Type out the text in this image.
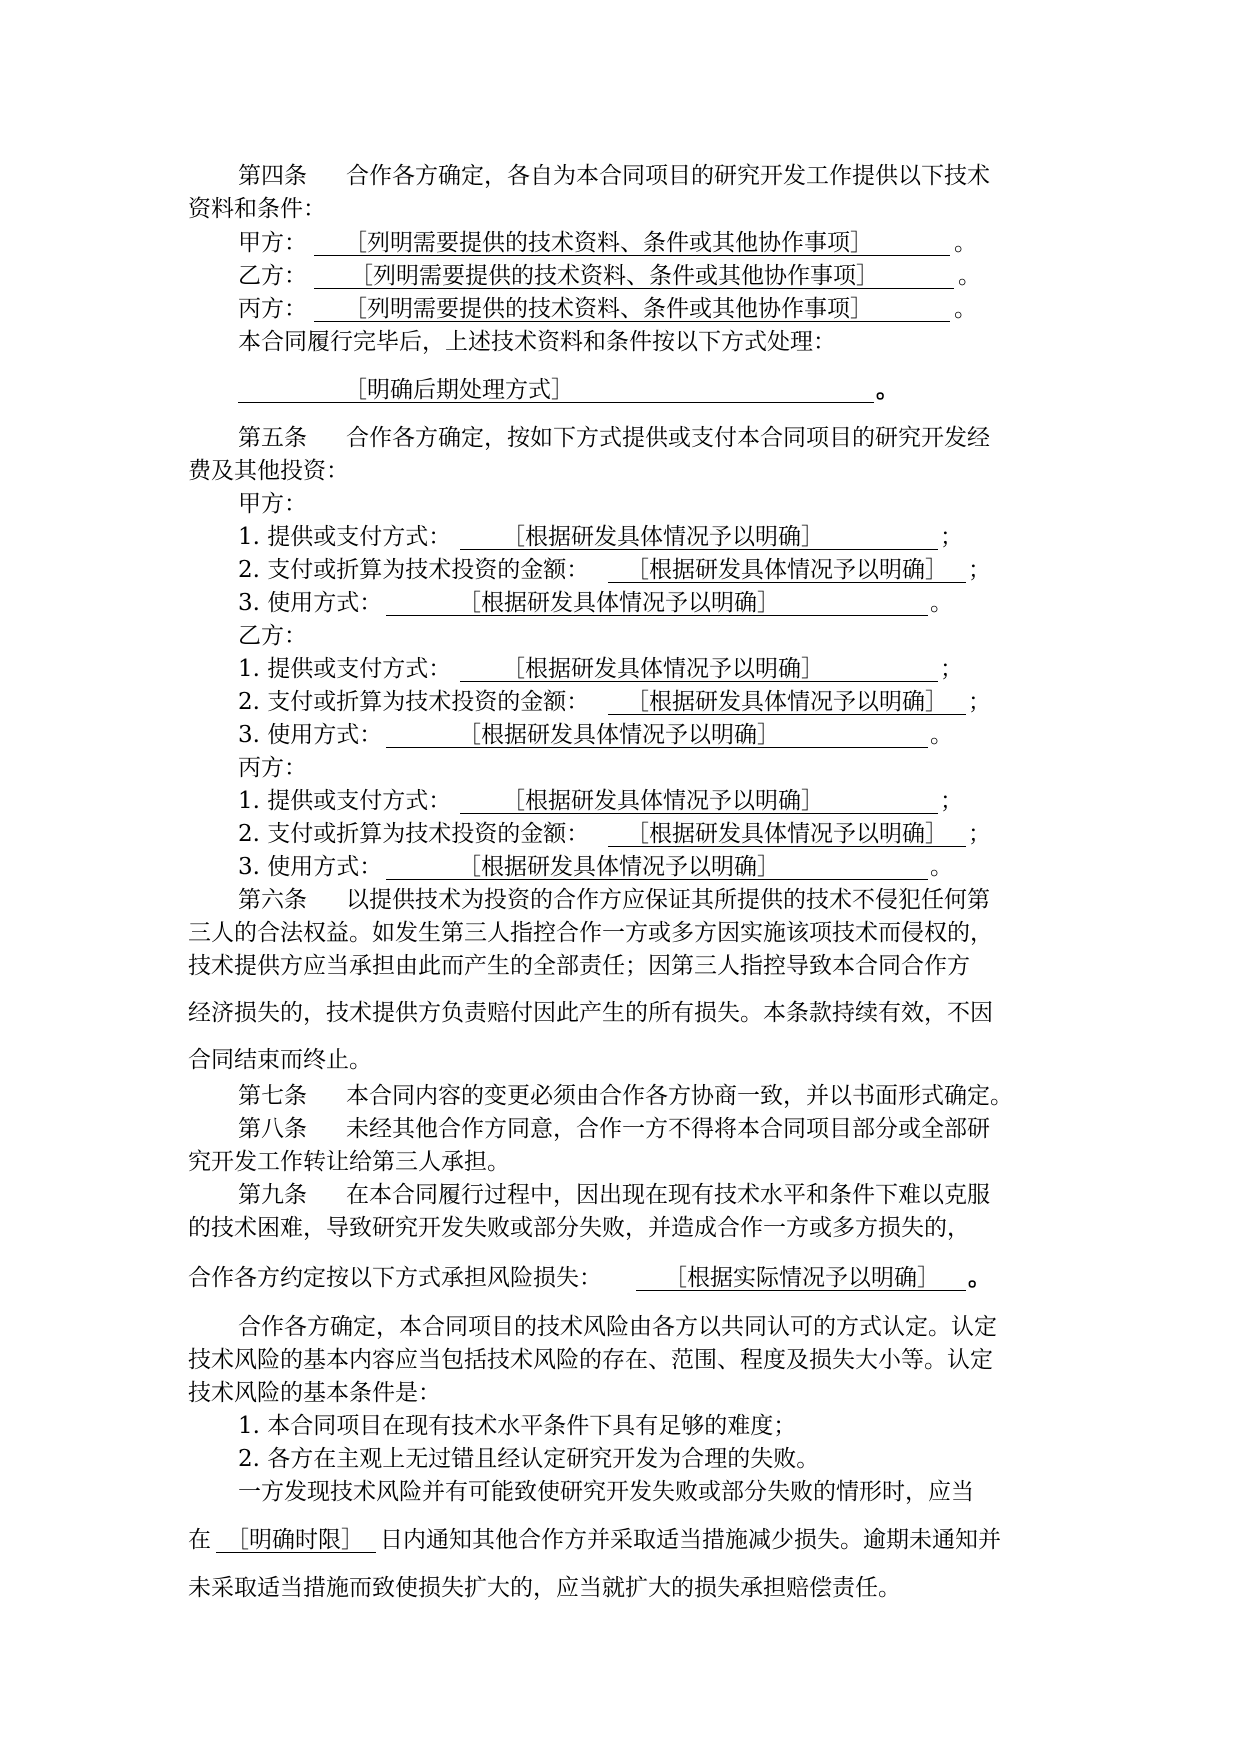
第四条 合作各方确定，各自为本合同项目的研究开发工作提供以下技术
资料和条件：
甲方：	［列明需要提供的技术资料、条件或其他协作事项］	。
乙方：	［列明需要提供的技术资料、条件或其他协作事项］	。
丙方：	［列明需要提供的技术资料、条件或其他协作事项］	。
本合同履行完毕后，上述技术资料和条件按以下方式处理：
［明确后期处理方式］	。
第五条 合作各方确定，按如下方式提供或支付本合同项目的研究开发经
费及其他投资：
甲方：
1. 提供或支付方式：	［根据研发具体情况予以明确］	；
2. 支付或折算为技术投资的金额：	［根据研发具体情况予以明确］ ；
3. 使用方式：	［根据研发具体情况予以明确］	。
乙方：
1. 提供或支付方式：	［根据研发具体情况予以明确］	；
2. 支付或折算为技术投资的金额：	［根据研发具体情况予以明确］ ；
3. 使用方式：	［根据研发具体情况予以明确］	。
丙方：
1. 提供或支付方式：	［根据研发具体情况予以明确］	；
2. 支付或折算为技术投资的金额：	［根据研发具体情况予以明确］ ；
3. 使用方式：	［根据研发具体情况予以明确］	。
第六条 以提供技术为投资的合作方应保证其所提供的技术不侵犯任何第
三人的合法权益。如发生第三人指控合作一方或多方因实施该项技术而侵权的，
技术提供方应当承担由此而产生的全部责任；因第三人指控导致本合同合作方
经济损失的，技术提供方负责赔付因此产生的所有损失。本条款持续有效，不因
合同结束而终止。
第七条 本合同内容的变更必须由合作各方协商一致，并以书面形式确定。
第八条 未经其他合作方同意，合作一方不得将本合同项目部分或全部研
究开发工作转让给第三人承担。
第九条 在本合同履行过程中，因出现在现有技术水平和条件下难以克服
的技术困难，导致研究开发失败或部分失败，并造成合作一方或多方损失的，
合作各方约定按以下方式承担风险损失：	［根据实际情况予以明确］	。
合作各方确定，本合同项目的技术风险由各方以共同认可的方式认定。认定
技术风险的基本内容应当包括技术风险的存在、范围、程度及损失大小等。认定
技术风险的基本条件是：
1. 本合同项目在现有技术水平条件下具有足够的难度；
2. 各方在主观上无过错且经认定研究开发为合理的失败。
一方发现技术风险并有可能致使研究开发失败或部分失败的情形时，应当
在 ［明确时限］ 日内通知其他合作方并采取适当措施减少损失。逾期未通知并
未采取适当措施而致使损失扩大的，应当就扩大的损失承担赔偿责任。
